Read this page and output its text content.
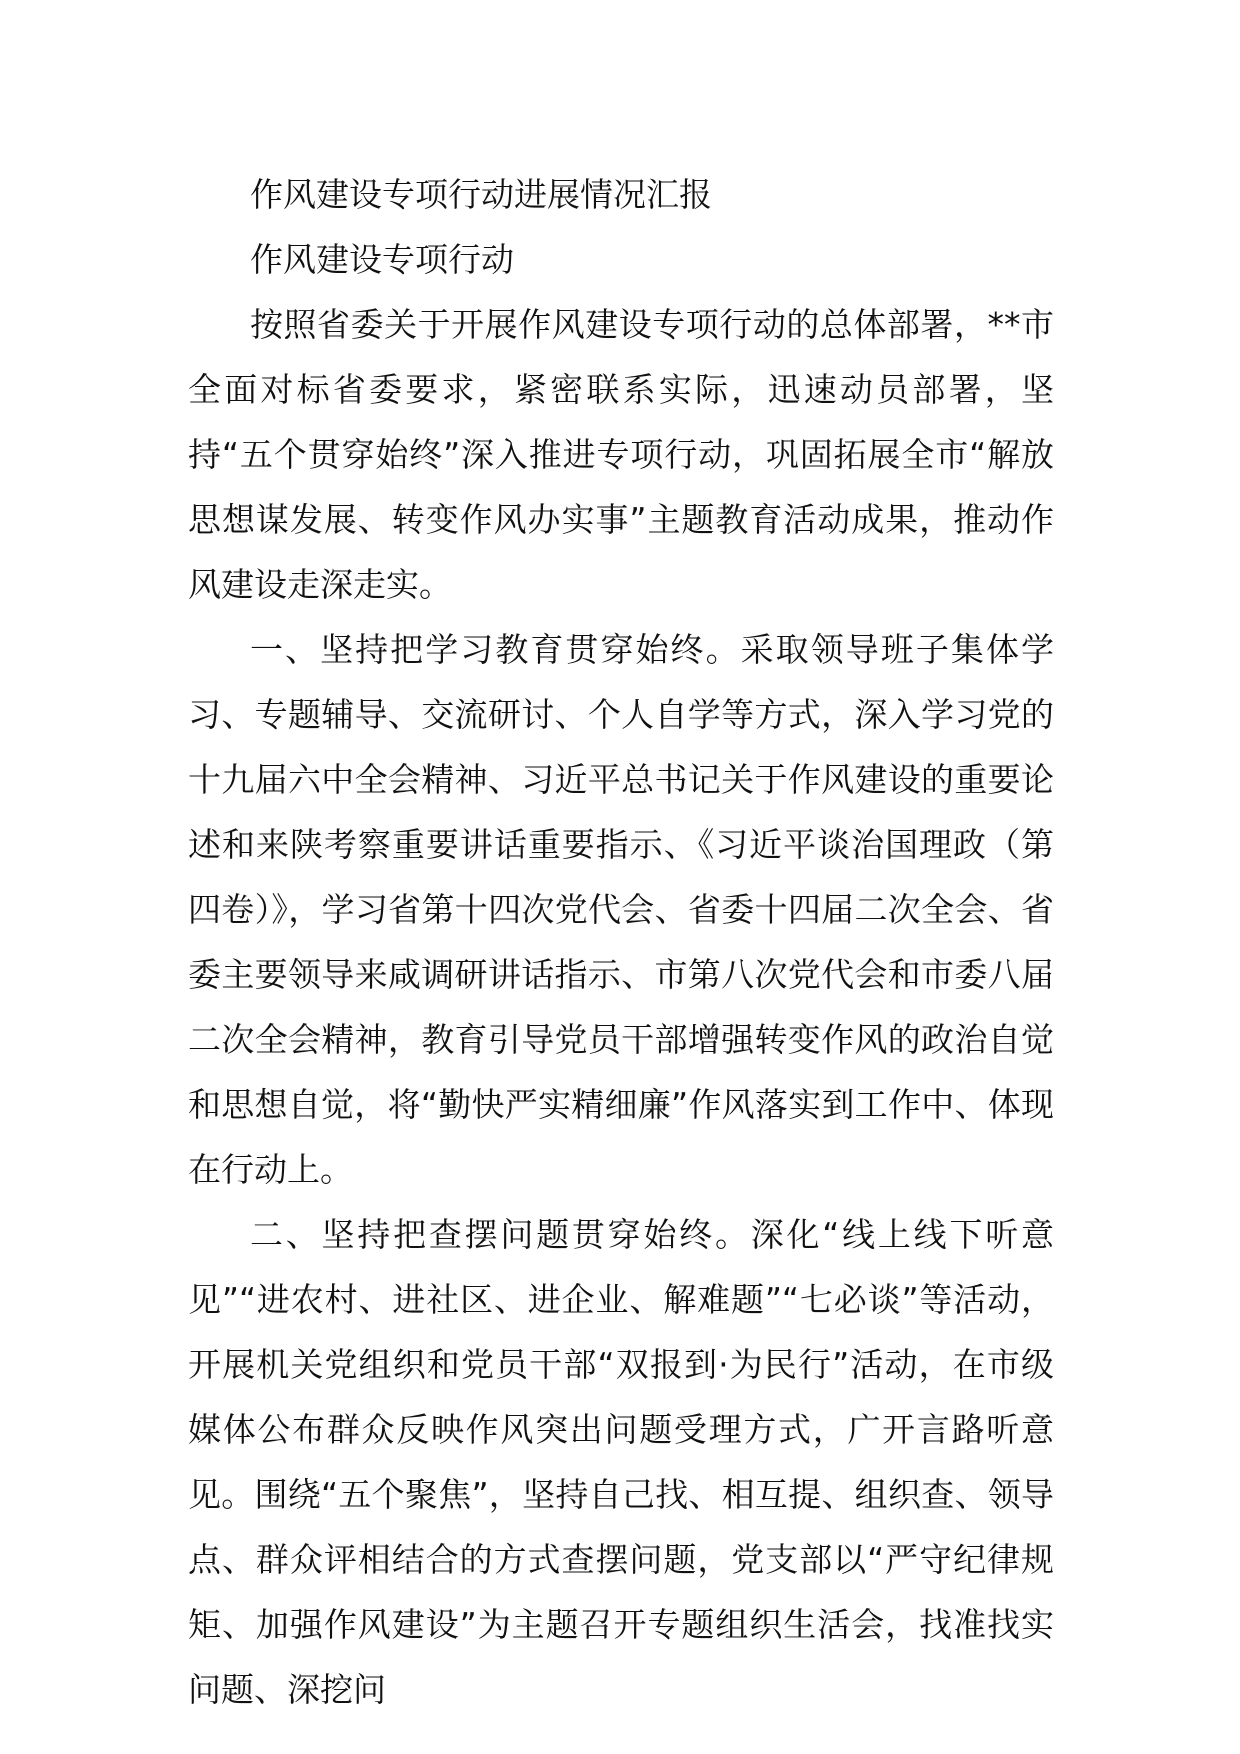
作风建设专项行动进展情况汇报

作风建设专项行动

按照省委关于开展作风建设专项行动的总体部署，**市全面对标省委要求，紧密联系实际，迅速动员部署，坚持“五个贯穿始终”深入推进专项行动，巩固拓展全市“解放思想谋发展、转变作风办实事”主题教育活动成果，推动作风建设走深走实。

一、坚持把学习教育贯穿始终。采取领导班子集体学习、专题辅导、交流研讨、个人自学等方式，深入学习党的十九届六中全会精神、习近平总书记关于作风建设的重要论述和来陕考察重要讲话重要指示、《习近平谈治国理政（第四卷）》，学习省第十四次党代会、省委十四届二次全会、省委主要领导来咸调研讲话指示、市第八次党代会和市委八届二次全会精神，教育引导党员干部增强转变作风的政治自觉和思想自觉，将“勤快严实精细廉”作风落实到工作中、体现在行动上。

二、坚持把查摆问题贯穿始终。深化“线上线下听意见”“进农村、进社区、进企业、解难题”“七必谈”等活动，开展机关党组织和党员干部“双报到·为民行”活动，在市级媒体公布群众反映作风突出问题受理方式，广开言路听意见。围绕“五个聚焦”，坚持自己找、相互提、组织查、领导点、群众评相结合的方式查摆问题，党支部以“严守纪律规矩、加强作风建设”为主题召开专题组织生活会，找准找实问题、深挖问
